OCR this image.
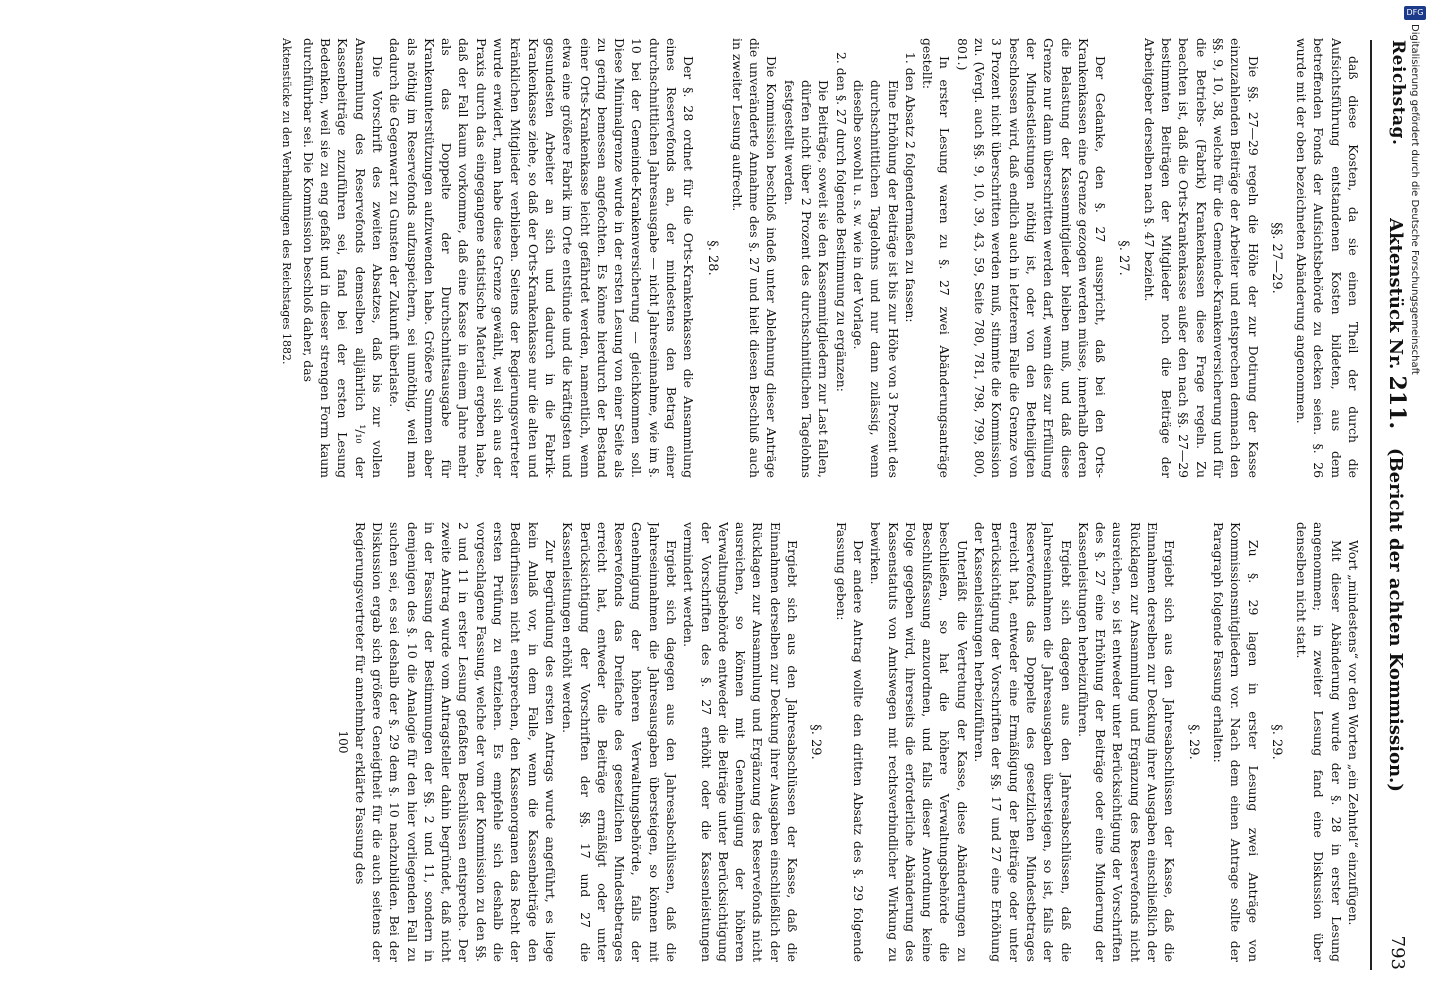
Reichstag.
Aktenstück Nr. 211.   (Bericht der achten Kommission.)
793

daß diese Kosten, da sie einen Theil der durch die Aufsichtsführung entstandenen Kosten bildeten, aus dem betreffenden Fonds der Aufsichtsbehörde zu decken seien. §. 26 wurde mit der oben bezeichneten Abänderung angenommen.

§§. 27—29.

Die §§. 27—29 regeln die Höhe der zur Dotirung der Kasse einzuzahlenden Beiträge der Arbeiter und entsprechen demnach den §§. 9, 10, 38, welche für die Gemeinde-Krankenversicherung und für die Betriebs- (Fabrik) Krankenkassen diese Frage regeln. Zu beachten ist, daß die Orts-Krankenkasse außer den nach §§. 27—29 bestimmten Beiträgen der Mitglieder noch die Beiträge der Arbeitgeber derselben nach §. 47 bezieht.

§. 27.

Der Gedanke, den §. 27 ausspricht, daß bei den Orts-Krankenkassen eine Grenze gezogen werden müsse, innerhalb deren die Belastung der Kassenmitglieder bleiben muß, und daß diese Grenze nur dann überschritten werden darf, wenn dies zur Erfüllung der Mindestleistungen nöthig ist, oder von den Betheiligten beschlossen wird, daß endlich auch in letzterem Falle die Grenze von 3 Prozent nicht überschritten werden muß, stimmte die Kommission zu. (Vergl. auch §§. 9, 10, 39, 43, 59, Seite 780, 781, 798, 799, 800, 801.)

In erster Lesung waren zu §. 27 zwei Abänderungsanträge gestellt:

1. den Absatz 2 folgendermaßen zu fassen:

Eine Erhöhung der Beiträge ist bis zur Höhe von 3 Prozent des durchschnittlichen Tagelohns und nur dann zulässig, wenn dieselbe sowohl u. s. w. wie in der Vorlage.

2. den §. 27 durch folgende Bestimmung zu ergänzen:

Die Beiträge, soweit sie den Kassenmitgliedern zur Last fallen, dürfen nicht über 2 Prozent des durchschnittlichen Tagelohns festgestellt werden.

Die Kommission beschloß indeß unter Ablehnung dieser Anträge die unveränderte Annahme des §. 27 und hielt diesen Beschluß auch in zweiter Lesung aufrecht.

§. 28.

Der §. 28 ordnet für die Orts-Krankenkassen die Ansammlung eines Reservefonds an, der mindestens den Betrag einer durchschnittlichen Jahresausgabe — nicht Jahreseinnahme, wie im §. 10 bei der Gemeinde-Krankenversicherung — gleichkommen soll. Diese Minimalgrenze wurde in der ersten Lesung von einer Seite als zu gering bemessen angefochten. Es könne hierdurch der Bestand einer Orts-Krankenkasse leicht gefährdet werden, namentlich, wenn etwa eine größere Fabrik im Orte entstünde und die kräftigsten und gesundesten Arbeiter an sich und dadurch in die Fabrik-Krankenkasse ziehe, so daß der Orts-Krankenkasse nur die alten und kränklichen Mitglieder verblieben. Seitens der Regierungsvertreter wurde erwidert, man habe diese Grenze gewählt, weil sich aus der Praxis durch das eingegangene statistische Material ergeben habe, daß der Fall kaum vorkomme, daß eine Kasse in einem Jahre mehr als das Doppelte der Durchschnittsausgabe für Krankenunterstützungen aufzuwenden habe. Größere Summen aber als nöthig im Reservefonds aufzuspeichern, sei unnöthig, weil man dadurch die Gegenwart zu Gunsten der Zukunft überlaste.

Die Vorschrift des zweiten Absatzes, daß bis zur vollen Ansammlung des Reservefonds demselben alljährlich ¹/₁₀ der Kassenbeiträge zuzuführen sei, fand bei der ersten Lesung Bedenken, weil sie zu eng gefaßt und in dieser strengen Form kaum durchführbar sei. Die Kommission beschloß daher, das

Aktenstücke zu den Verhandlungen des Reichstages 1882.

Wort „mindestens“ vor den Worten „ein Zehntel“ einzufügen.

Mit dieser Abänderung wurde der §. 28 in erster Lesung angenommen; in zweiter Lesung fand eine Diskussion über denselben nicht statt.

§. 29.

Zu §. 29 lagen in erster Lesung zwei Anträge von Kommissionsmitgliedern vor. Nach dem einen Antrage sollte der Paragraph folgende Fassung erhalten:

§. 29.

Ergiebt sich aus den Jahresabschlüssen der Kasse, daß die Einnahmen derselben zur Deckung ihrer Ausgaben einschließlich der Rücklagen zur Ansammlung und Ergänzung des Reservefonds nicht ausreichen, so ist entweder unter Berücksichtigung der Vorschriften des §. 27 eine Erhöhung der Beiträge oder eine Minderung der Kassenleistungen herbeizuführen.

Ergiebt sich dagegen aus den Jahresabschlüssen, daß die Jahreseinnahmen die Jahresausgaben übersteigen, so ist, falls der Reservefonds das Doppelte des gesetzlichen Mindestbetrages erreicht hat, entweder eine Ermäßigung der Beiträge oder unter Berücksichtigung der Vorschriften der §§. 17 und 27 eine Erhöhung der Kassenleistungen herbeizuführen.

Unterläßt die Vertretung der Kasse, diese Abänderungen zu beschließen, so hat die höhere Verwaltungsbehörde die Beschlußfassung anzuordnen, und falls dieser Anordnung keine Folge gegeben wird, ihrerseits die erforderliche Abänderung des Kassenstatuts von Amtswegen mit rechtsverbindlicher Wirkung zu bewirken.

Der andere Antrag wollte den dritten Absatz des §. 29 folgende Fassung geben:

§. 29.

Ergiebt sich aus den Jahresabschlüssen der Kasse, daß die Einnahmen derselben zur Deckung ihrer Ausgaben einschließlich der Rücklagen zur Ansammlung und Ergänzung des Reservefonds nicht ausreichen, so können mit Genehmigung der höheren Verwaltungsbehörde entweder die Beiträge unter Berücksichtigung der Vorschriften des §. 27 erhöht oder die Kassenleistungen vermindert werden.

Ergiebt sich dagegen aus den Jahresabschlüssen, daß die Jahreseinnahmen die Jahresausgaben übersteigen, so können mit Genehmigung der höheren Verwaltungsbehörde, falls der Reservefonds das Dreifache des gesetzlichen Mindestbetrages erreicht hat, entweder die Beiträge ermäßigt oder unter Berücksichtigung der Vorschriften der §§. 17 und 27 die Kassenleistungen erhöht werden.

Zur Begründung des ersten Antrags wurde angeführt, es liege kein Anlaß vor, in dem Falle, wenn die Kassenbeiträge den Bedürfnissen nicht entsprechen, den Kassenorganen das Recht der ersten Prüfung zu entziehen. Es empfehle sich deshalb die vorgeschlagene Fassung, welche der vom der Kommission zu den §§. 2 und 11 in erster Lesung gefaßten Beschlüssen entspreche. Der zweite Antrag wurde vom Antragsteller dahin begründet, daß nicht in der Fassung der Bestimmungen der §§. 2 und 11, sondern in demjenigen des §. 10 die Analogie für den hier vorliegenden Fall zu suchen sei, es sei deshalb der §. 29 dem §. 10 nachzubilden. Bei der Diskussion ergab sich größere Geneigtheit für die auch seitens der Regierungsvertreter für annehmbar erklärte Fassung des

100

DFG
Digitalisierung gefördert durch die Deutsche Forschungsgemeinschaft
